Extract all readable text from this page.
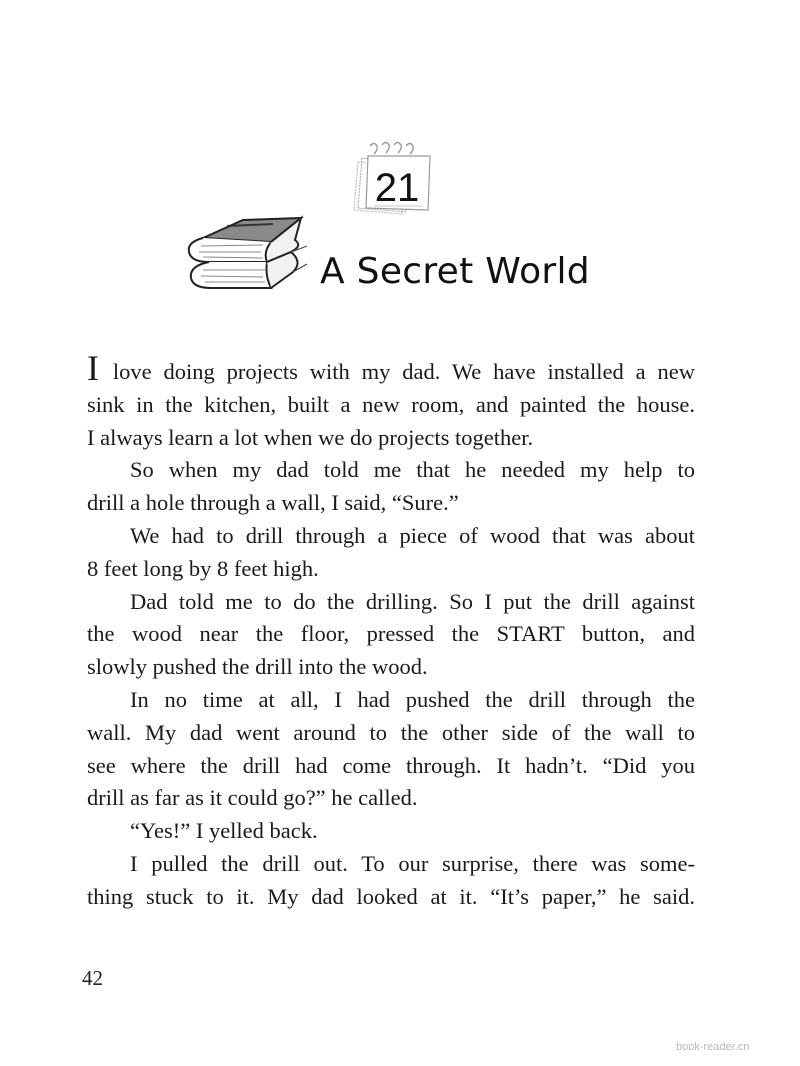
21
A Secret World

I love doing projects with my dad. We have installed a new
sink in the kitchen, built a new room, and painted the house.
I always learn a lot when we do projects together.

So when my dad told me that he needed my help to
drill a hole through a wall, I said, “Sure.”

We had to drill through a piece of wood that was about
8 feet long by 8 feet high.

Dad told me to do the drilling. So I put the drill against
the wood near the floor, pressed the START button, and
slowly pushed the drill into the wood.

In no time at all, I had pushed the drill through the
wall. My dad went around to the other side of the wall to
see where the drill had come through. It hadn’t. “Did you
drill as far as it could go?” he called.

“Yes!” I yelled back.

I pulled the drill out. To our surprise, there was some-
thing stuck to it. My dad looked at it. “It’s paper,” he said.

42
book-reader.cn
